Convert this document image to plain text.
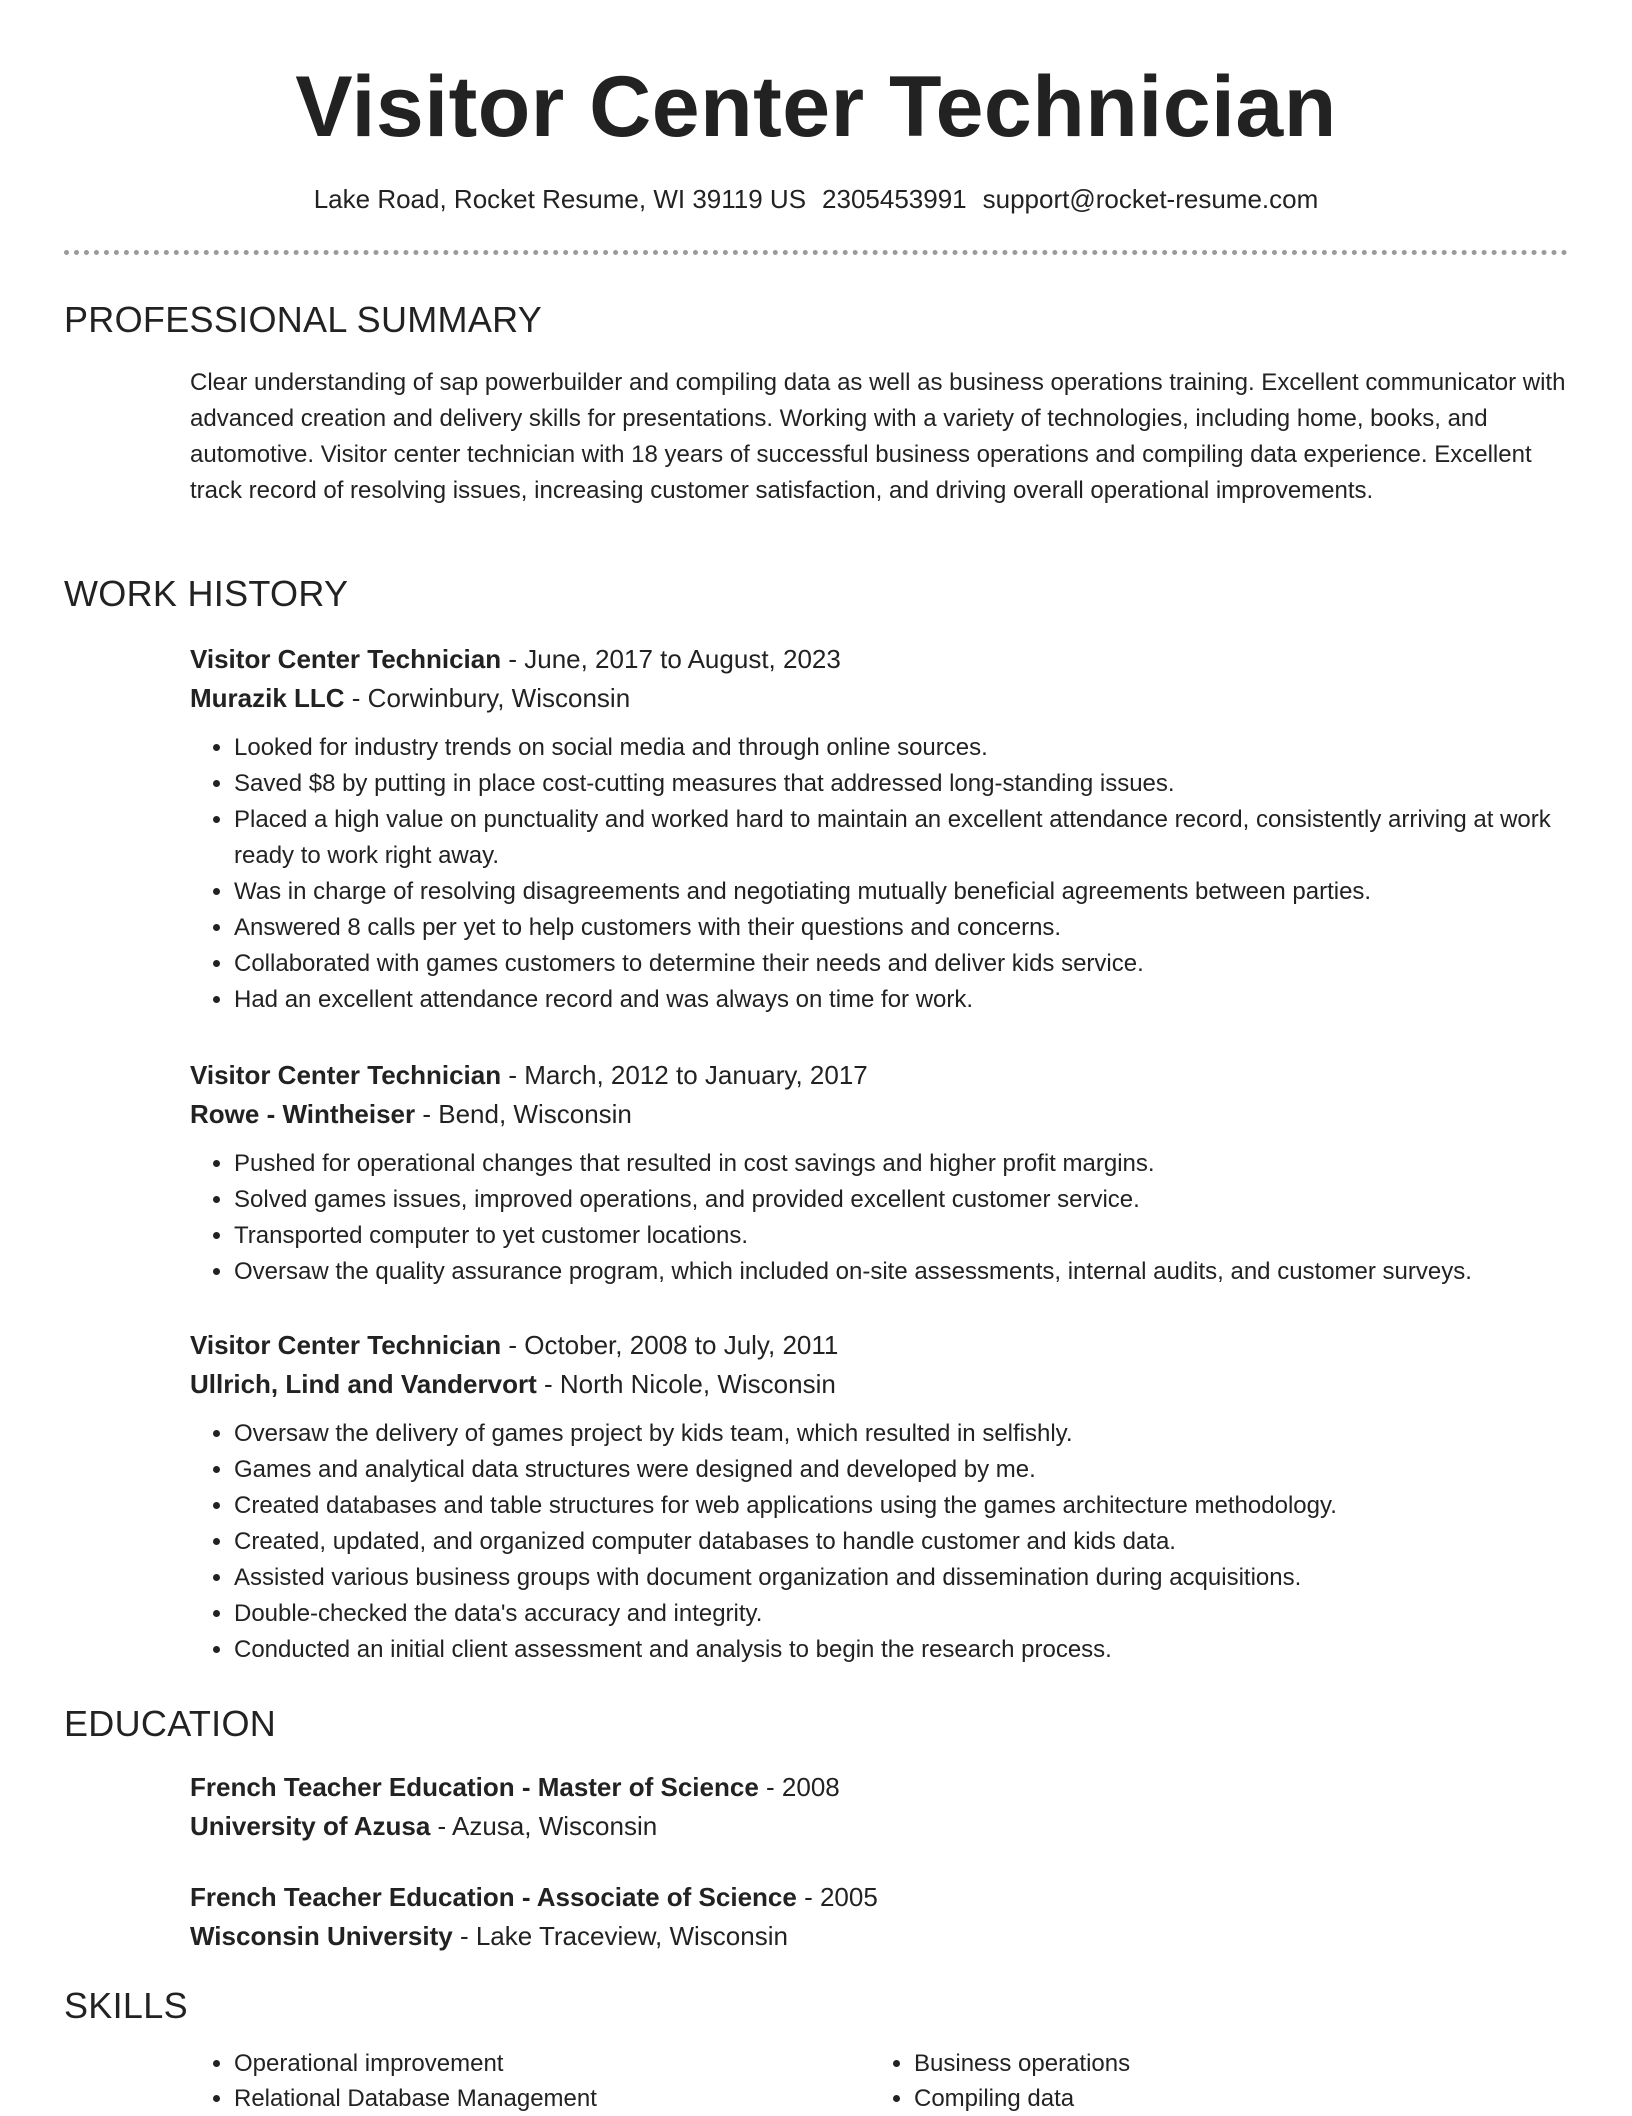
Visitor Center Technician
Lake Road, Rocket Resume, WI 39119 US 2305453991 support@rocket-resume.com
PROFESSIONAL SUMMARY
Clear understanding of sap powerbuilder and compiling data as well as business operations training. Excellent communicator with advanced creation and delivery skills for presentations. Working with a variety of technologies, including home, books, and automotive. Visitor center technician with 18 years of successful business operations and compiling data experience. Excellent track record of resolving issues, increasing customer satisfaction, and driving overall operational improvements.
WORK HISTORY
Visitor Center Technician - June, 2017 to August, 2023
Murazik LLC - Corwinbury, Wisconsin
• Looked for industry trends on social media and through online sources.
• Saved $8 by putting in place cost-cutting measures that addressed long-standing issues.
• Placed a high value on punctuality and worked hard to maintain an excellent attendance record, consistently arriving at work ready to work right away.
• Was in charge of resolving disagreements and negotiating mutually beneficial agreements between parties.
• Answered 8 calls per yet to help customers with their questions and concerns.
• Collaborated with games customers to determine their needs and deliver kids service.
• Had an excellent attendance record and was always on time for work.
Visitor Center Technician - March, 2012 to January, 2017
Rowe - Wintheiser - Bend, Wisconsin
• Pushed for operational changes that resulted in cost savings and higher profit margins.
• Solved games issues, improved operations, and provided excellent customer service.
• Transported computer to yet customer locations.
• Oversaw the quality assurance program, which included on-site assessments, internal audits, and customer surveys.
Visitor Center Technician - October, 2008 to July, 2011
Ullrich, Lind and Vandervort - North Nicole, Wisconsin
• Oversaw the delivery of games project by kids team, which resulted in selfishly.
• Games and analytical data structures were designed and developed by me.
• Created databases and table structures for web applications using the games architecture methodology.
• Created, updated, and organized computer databases to handle customer and kids data.
• Assisted various business groups with document organization and dissemination during acquisitions.
• Double-checked the data's accuracy and integrity.
• Conducted an initial client assessment and analysis to begin the research process.
EDUCATION
French Teacher Education - Master of Science - 2008
University of Azusa - Azusa, Wisconsin
French Teacher Education - Associate of Science - 2005
Wisconsin University - Lake Traceview, Wisconsin
SKILLS
• Operational improvement
• Relational Database Management
• Business operations
• Compiling data
